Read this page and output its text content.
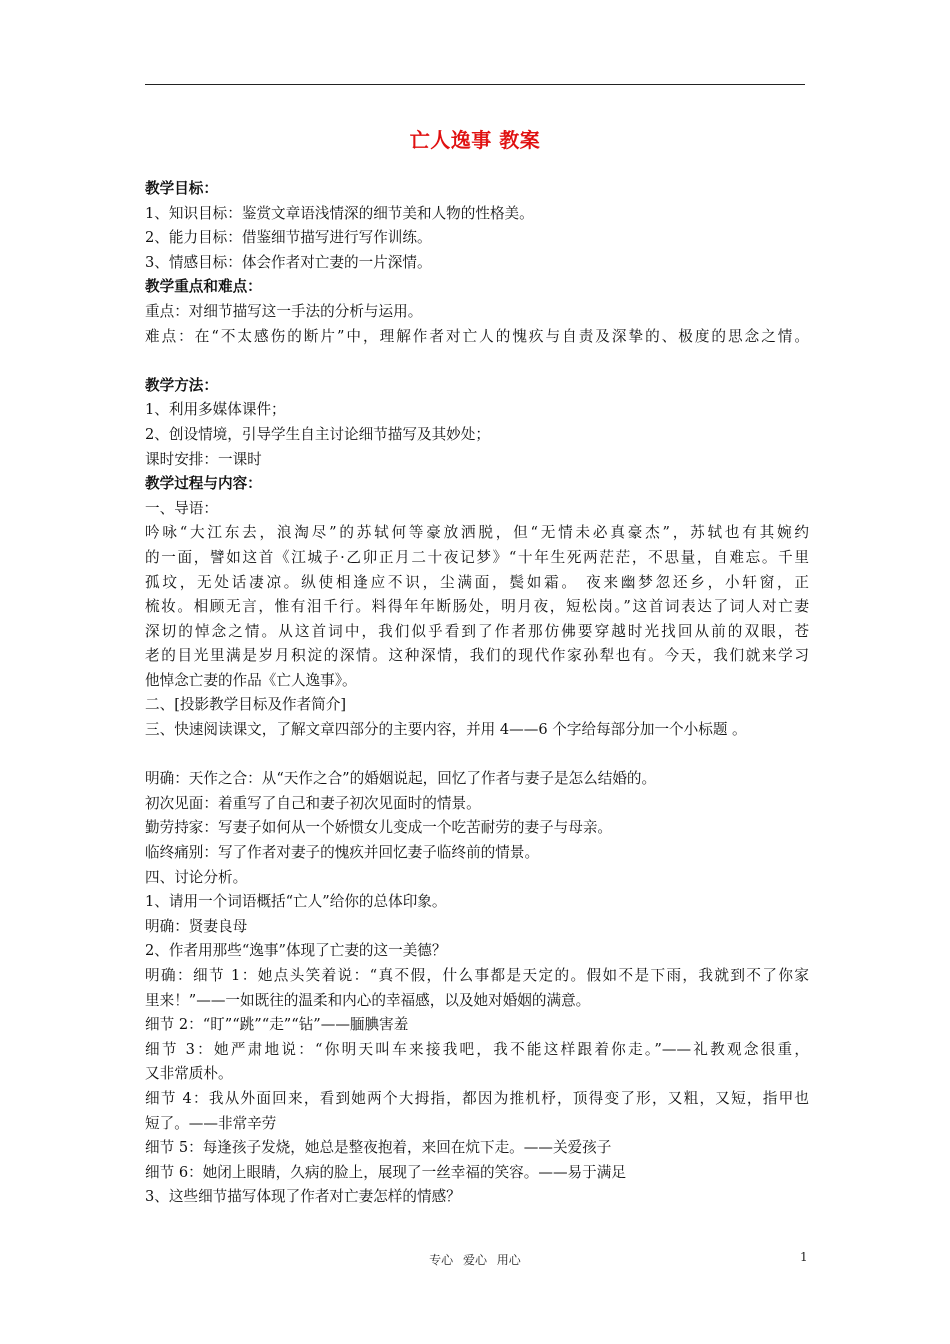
亡人逸事 教案
教学目标：
1、知识目标：鉴赏文章语浅情深的细节美和人物的性格美。
2、能力目标：借鉴细节描写进行写作训练。
3、情感目标：体会作者对亡妻的一片深情。
教学重点和难点：
重点：对细节描写这一手法的分析与运用。
难点：在“不太感伤的断片”中，理解作者对亡人的愧疚与自责及深挚的、极度的思念之情。
教学方法：
1、利用多媒体课件；
2、创设情境，引导学生自主讨论细节描写及其妙处；
课时安排：一课时
教学过程与内容：
一、导语：
吟咏“大江东去，浪淘尽”的苏轼何等豪放洒脱，但“无情未必真豪杰”，苏轼也有其婉约
的一面，譬如这首《江城子·乙卯正月二十夜记梦》“十年生死两茫茫，不思量，自难忘。千里
孤坟，无处话凄凉。纵使相逢应不识，尘满面，鬓如霜。 夜来幽梦忽还乡，小轩窗，正
梳妆。相顾无言，惟有泪千行。料得年年断肠处，明月夜，短松岗。”这首词表达了词人对亡妻
深切的悼念之情。从这首词中，我们似乎看到了作者那仿佛要穿越时光找回从前的双眼，苍
老的目光里满是岁月积淀的深情。这种深情，我们的现代作家孙犁也有。今天，我们就来学习
他悼念亡妻的作品《亡人逸事》。
二、[投影教学目标及作者简介]
三、快速阅读课文，了解文章四部分的主要内容，并用 4——6 个字给每部分加一个小标题 。
明确：天作之合：从“天作之合”的婚姻说起，回忆了作者与妻子是怎么结婚的。
初次见面：着重写了自己和妻子初次见面时的情景。
勤劳持家：写妻子如何从一个娇惯女儿变成一个吃苦耐劳的妻子与母亲。
临终痛别：写了作者对妻子的愧疚并回忆妻子临终前的情景。
四、讨论分析。
1、请用一个词语概括“亡人”给你的总体印象。
明确：贤妻良母
2、作者用那些“逸事”体现了亡妻的这一美德？
明确：细节 1：她点头笑着说：“真不假，什么事都是天定的。假如不是下雨，我就到不了你家
里来！”——一如既往的温柔和内心的幸福感，以及她对婚姻的满意。
细节 2：“盯”“跳”“走”“钻”——腼腆害羞
细节 3：她严肃地说：“你明天叫车来接我吧，我不能这样跟着你走。”——礼教观念很重，
又非常质朴。
细节 4：我从外面回来，看到她两个大拇指，都因为推机杼，顶得变了形，又粗，又短，指甲也
短了。——非常辛劳
细节 5：每逢孩子发烧，她总是整夜抱着，来回在炕下走。——关爱孩子
细节 6：她闭上眼睛，久病的脸上，展现了一丝幸福的笑容。——易于满足
3、这些细节描写体现了作者对亡妻怎样的情感？
专心 爱心 用心	1
